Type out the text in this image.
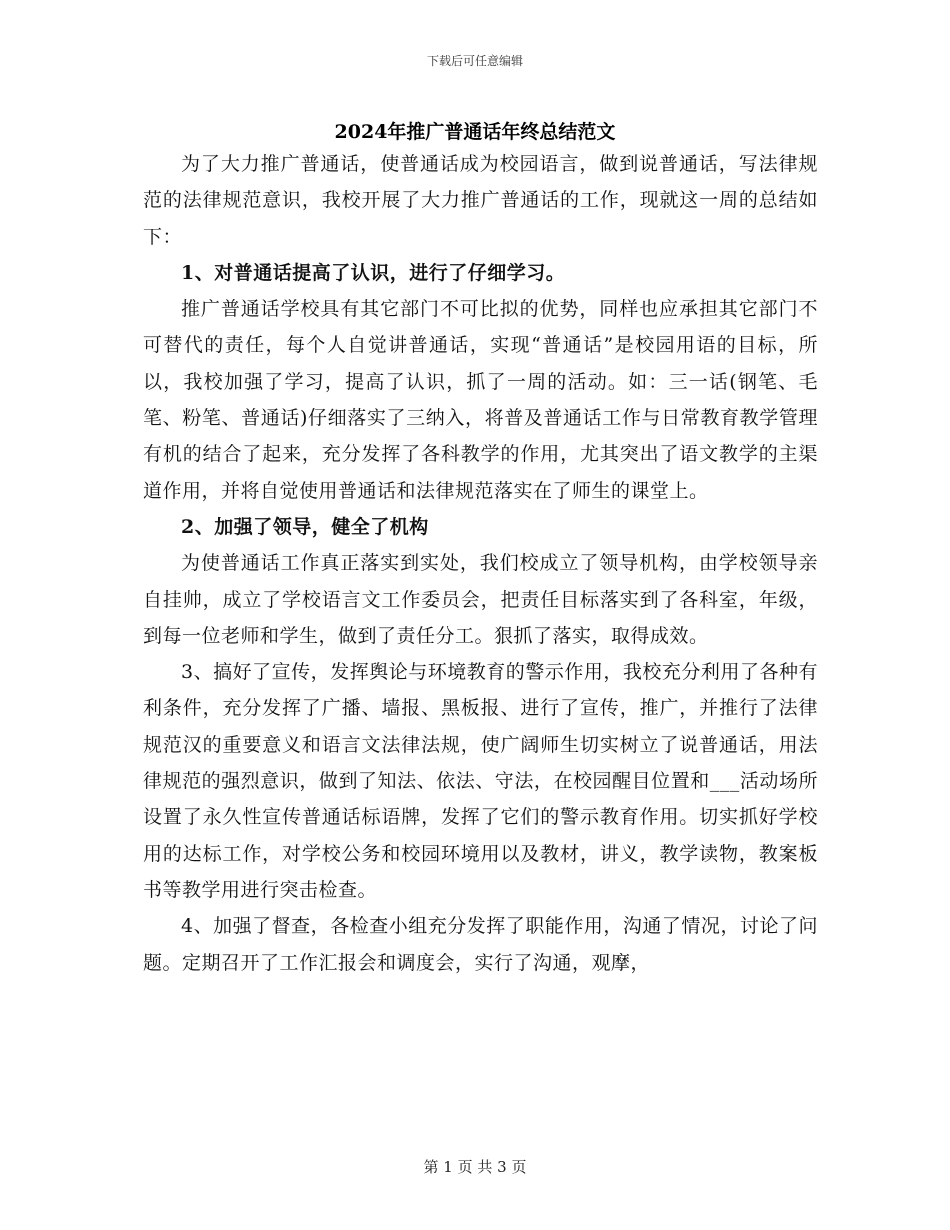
下载后可任意编辑
2024年推广普通话年终总结范文

为了大力推广普通话，使普通话成为校园语言，做到说普通话，写法律规范的法律规范意识，我校开展了大力推广普通话的工作，现就这一周的总结如下：

1、对普通话提高了认识，进行了仔细学习。

推广普通话学校具有其它部门不可比拟的优势，同样也应承担其它部门不可替代的责任，每个人自觉讲普通话，实现“普通话”是校园用语的目标，所以，我校加强了学习，提高了认识，抓了一周的活动。如：三一话(钢笔、毛笔、粉笔、普通话)仔细落实了三纳入，将普及普通话工作与日常教育教学管理有机的结合了起来，充分发挥了各科教学的作用，尤其突出了语文教学的主渠道作用，并将自觉使用普通话和法律规范落实在了师生的课堂上。

2、加强了领导，健全了机构

为使普通话工作真正落实到实处，我们校成立了领导机构，由学校领导亲自挂帅，成立了学校语言文工作委员会，把责任目标落实到了各科室，年级，到每一位老师和学生，做到了责任分工。狠抓了落实，取得成效。

3、搞好了宣传，发挥舆论与环境教育的警示作用，我校充分利用了各种有利条件，充分发挥了广播、墙报、黑板报、进行了宣传，推广，并推行了法律规范汉的重要意义和语言文法律法规，使广阔师生切实树立了说普通话，用法律规范的强烈意识，做到了知法、依法、守法，在校园醒目位置和___活动场所设置了永久性宣传普通话标语牌，发挥了它们的警示教育作用。切实抓好学校用的达标工作，对学校公务和校园环境用以及教材，讲义，教学读物，教案板书等教学用进行突击检查。

4、加强了督查，各检查小组充分发挥了职能作用，沟通了情况，讨论了问题。定期召开了工作汇报会和调度会，实行了沟通，观摩，

第 1 页 共 3 页
